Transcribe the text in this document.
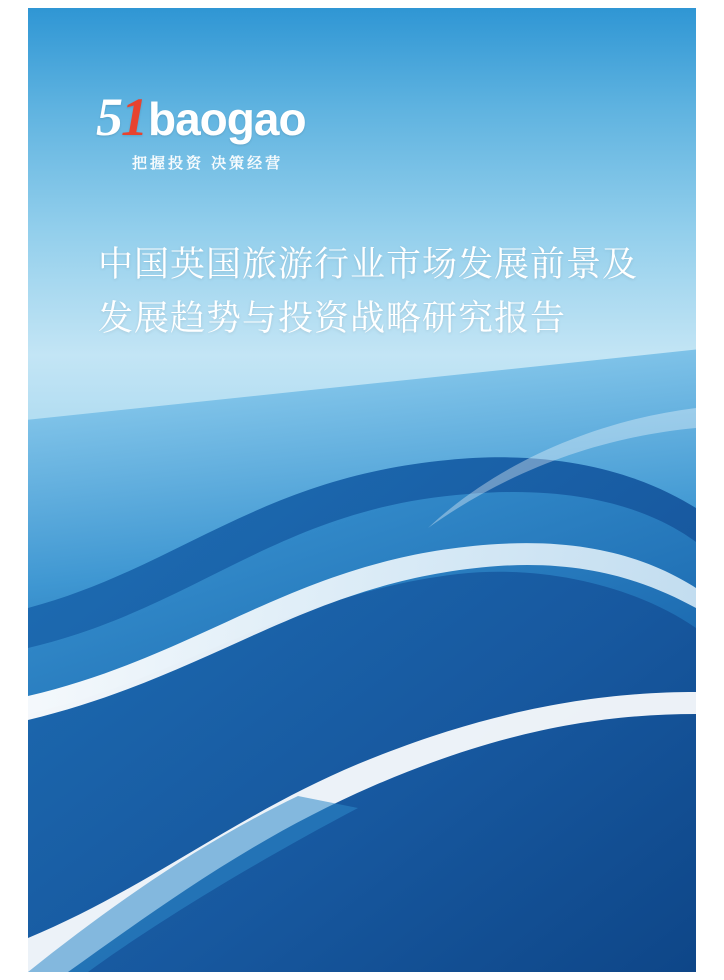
51 baogao
把握投资 决策经营
中国英国旅游行业市场发展前景及发展趋势与投资战略研究报告
